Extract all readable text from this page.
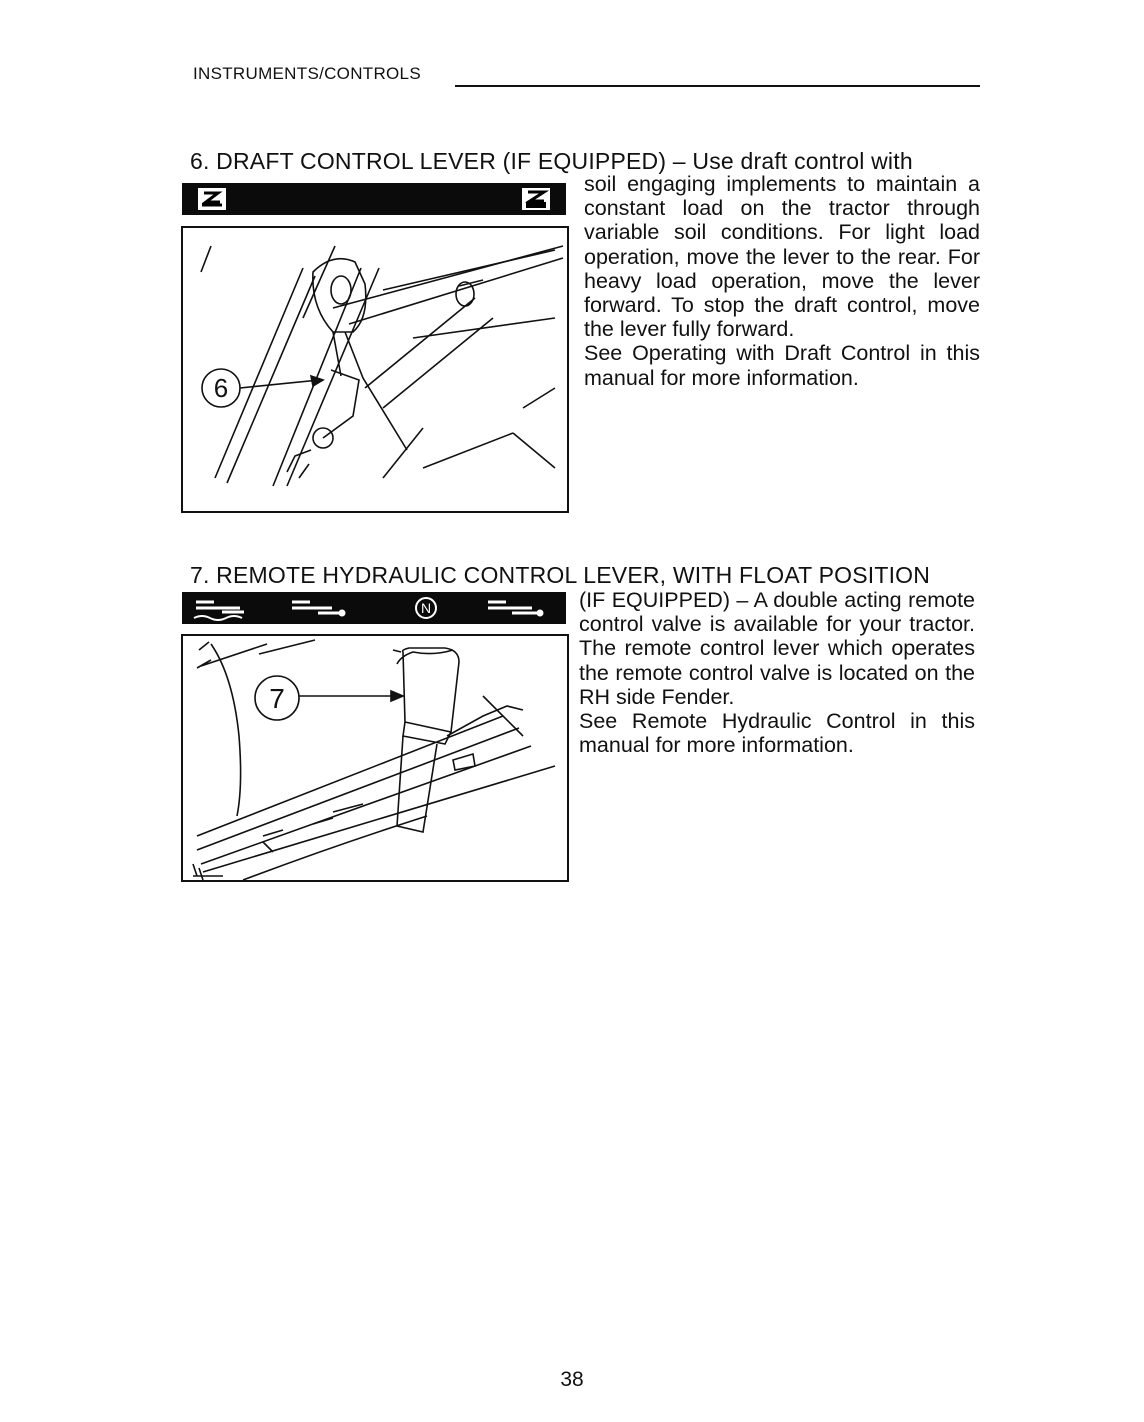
INSTRUMENTS/CONTROLS
6. DRAFT CONTROL LEVER (IF EQUIPPED) – Use draft control with
6

soil engaging implements to maintain a constant load on the tractor through variable soil conditions. For light load operation, move the lever to the rear. For heavy load operation, move the lever forward. To stop the draft control, move the lever fully forward.

See Operating with Draft Control in this manual for more information.

7. REMOTE HYDRAULIC CONTROL LEVER, WITH FLOAT POSITION
N
7

(IF EQUIPPED) – A double acting remote control valve is available for your tractor. The remote control lever which operates the remote control valve is located on the RH side Fender.

See Remote Hydraulic Control in this manual for more information.

38
